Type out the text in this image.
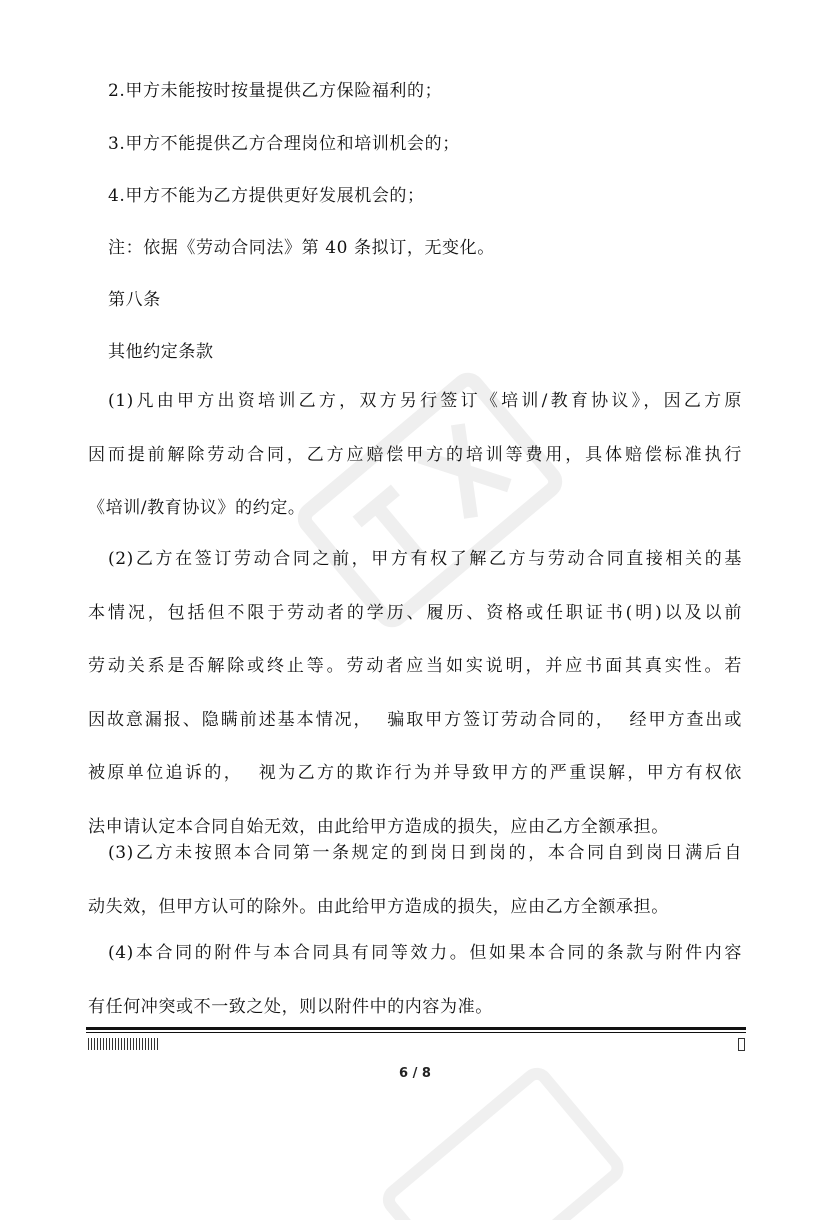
2.甲方未能按时按量提供乙方保险福利的；
3.甲方不能提供乙方合理岗位和培训机会的；
4.甲方不能为乙方提供更好发展机会的；
注：依据《劳动合同法》第 40 条拟订，无变化。
第八条
其他约定条款
(1)凡由甲方出资培训乙方，双方另行签订《培训/教育协议》，因乙方原
因而提前解除劳动合同，乙方应赔偿甲方的培训等费用，具体赔偿标准执行
《培训/教育协议》的约定。
(2)乙方在签订劳动合同之前，甲方有权了解乙方与劳动合同直接相关的基
本情况，包括但不限于劳动者的学历、履历、资格或任职证书(明)以及以前
劳动关系是否解除或终止等。劳动者应当如实说明，并应书面其真实性。若
因故意漏报、隐瞒前述基本情况，  骗取甲方签订劳动合同的，  经甲方查出或
被原单位追诉的，  视为乙方的欺诈行为并导致甲方的严重误解，甲方有权依
法申请认定本合同自始无效，由此给甲方造成的损失，应由乙方全额承担。
(3)乙方未按照本合同第一条规定的到岗日到岗的，本合同自到岗日满后自
动失效，但甲方认可的除外。由此给甲方造成的损失，应由乙方全额承担。
(4)本合同的附件与本合同具有同等效力。但如果本合同的条款与附件内容
有任何冲突或不一致之处，则以附件中的内容为准。
6 / 8
